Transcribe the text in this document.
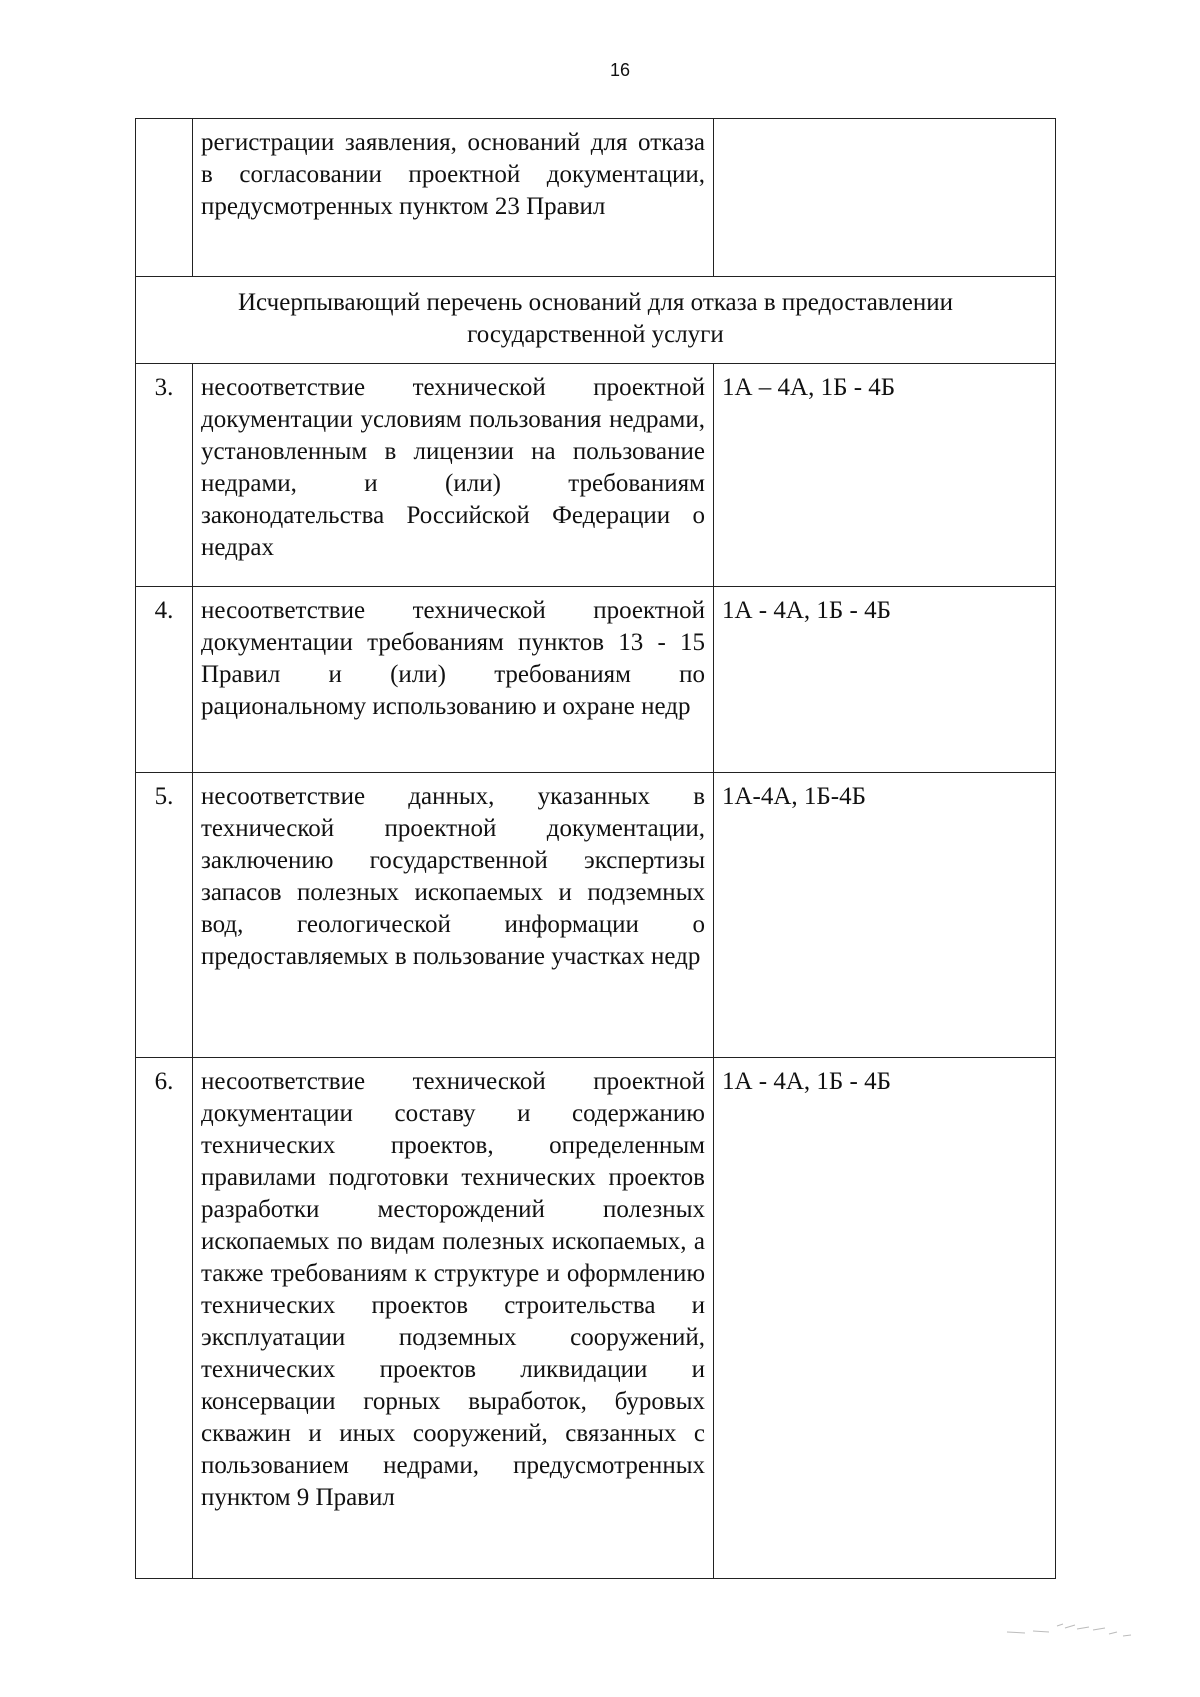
16

	регистрации заявления, оснований для отказа в согласовании проектной документации, предусмотренных пунктом 23 Правил	

Исчерпывающий перечень оснований для отказа в предоставлении государственной услуги		
3.	несоответствие технической проектной документации условиям пользования недрами, установленным в лицензии на пользование недрами, и (или) требованиям законодательства Российской Федерации о недрах	1А – 4А, 1Б - 4Б

4.	несоответствие технической проектной документации требованиям пунктов 13 - 15 Правил и (или) требованиям по рациональному использованию и охране недр	1А - 4А, 1Б - 4Б

5.	несоответствие данных, указанных в технической проектной документации, заключению государственной экспертизы запасов полезных ископаемых и подземных вод, геологической информации о предоставляемых в пользование участках недр	1А-4А, 1Б-4Б

6.	несоответствие технической проектной документации составу и содержанию технических проектов, определенным правилами подготовки технических проектов разработки месторождений полезных ископаемых по видам полезных ископаемых, а также требованиям к структуре и оформлению технических проектов строительства и эксплуатации подземных сооружений, технических проектов ликвидации и консервации горных выработок, буровых скважин и иных сооружений, связанных с пользованием недрами, предусмотренных пунктом 9 Правил	1А - 4А, 1Б - 4Б
